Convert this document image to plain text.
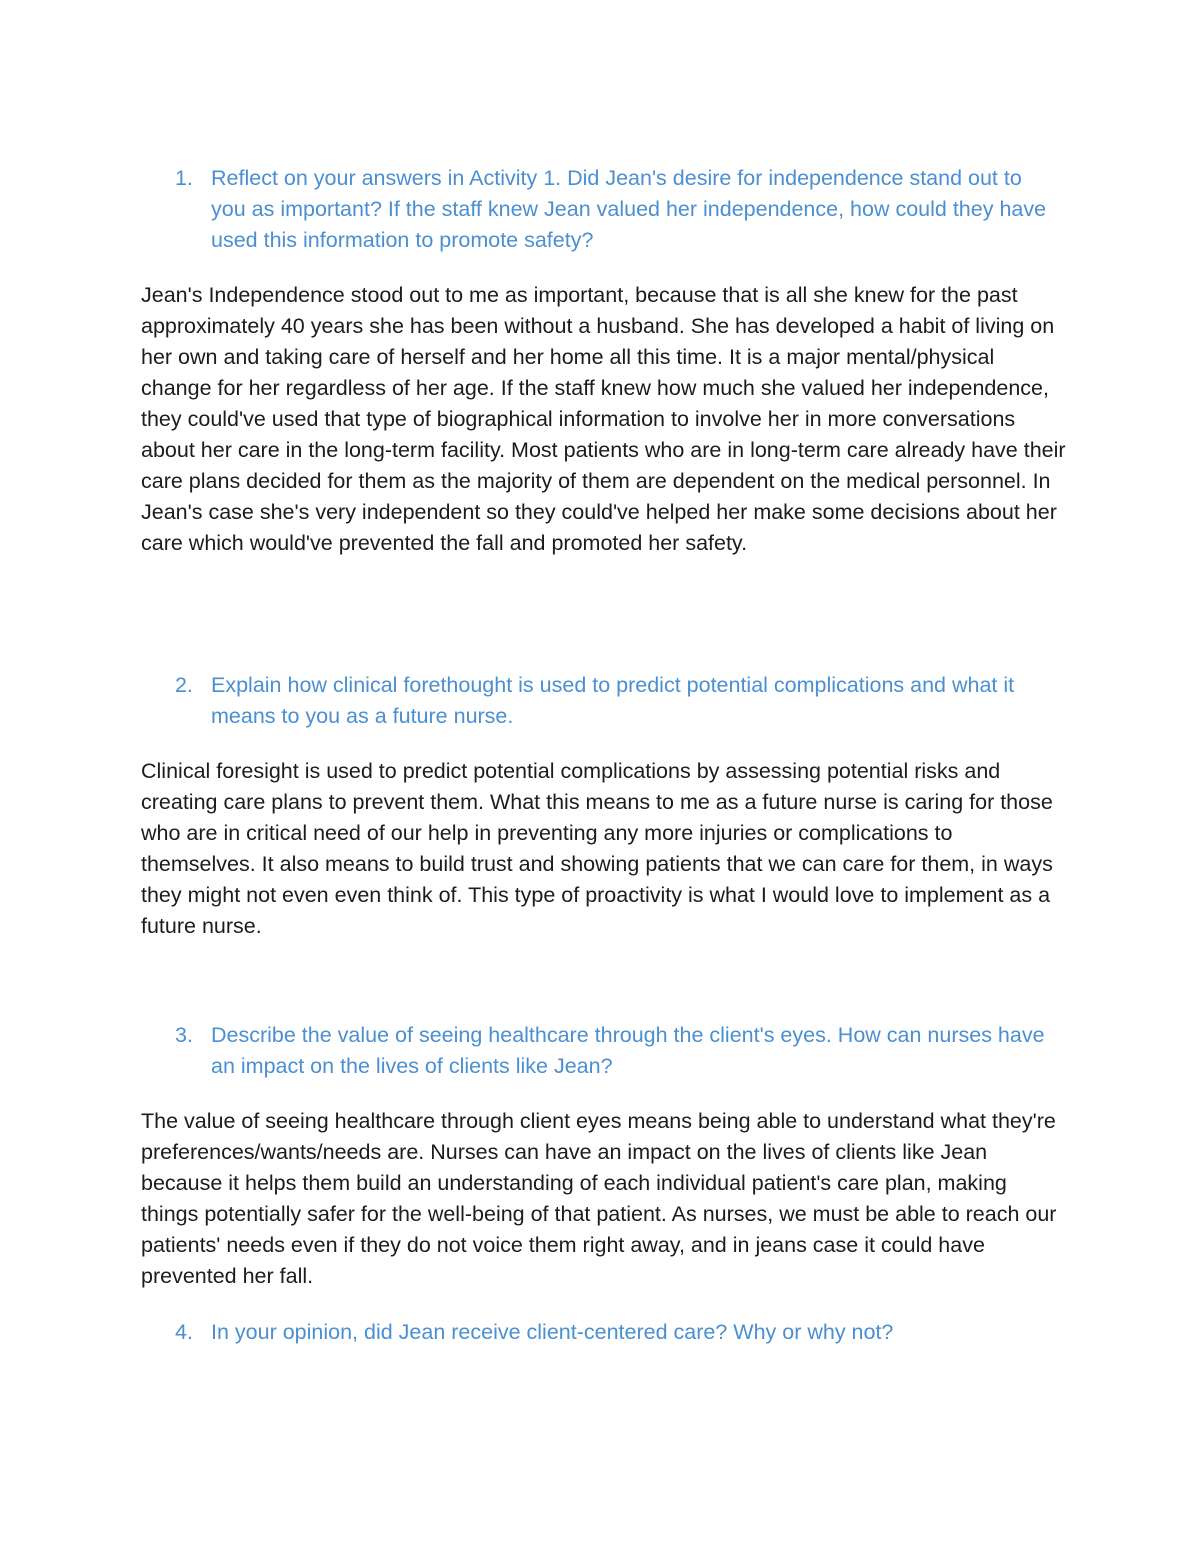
1. Reflect on your answers in Activity 1. Did Jean's desire for independence stand out to you as important? If the staff knew Jean valued her independence, how could they have used this information to promote safety?

Jean's Independence stood out to me as important, because that is all she knew for the past approximately 40 years she has been without a husband. She has developed a habit of living on her own and taking care of herself and her home all this time. It is a major mental/physical change for her regardless of her age. If the staff knew how much she valued her independence, they could've used that type of biographical information to involve her in more conversations about her care in the long-term facility. Most patients who are in long-term care already have their care plans decided for them as the majority of them are dependent on the medical personnel. In Jean's case she's very independent so they could've helped her make some decisions about her care which would've prevented the fall and promoted her safety.

2. Explain how clinical forethought is used to predict potential complications and what it means to you as a future nurse.

Clinical foresight is used to predict potential complications by assessing potential risks and creating care plans to prevent them. What this means to me as a future nurse is caring for those who are in critical need of our help in preventing any more injuries or complications to themselves. It also means to build trust and showing patients that we can care for them, in ways they might not even even think of. This type of proactivity is what I would love to implement as a future nurse.

3. Describe the value of seeing healthcare through the client's eyes. How can nurses have an impact on the lives of clients like Jean?

The value of seeing healthcare through client eyes means being able to understand what they're preferences/wants/needs are. Nurses can have an impact on the lives of clients like Jean because it helps them build an understanding of each individual patient's care plan, making things potentially safer for the well-being of that patient. As nurses, we must be able to reach our patients' needs even if they do not voice them right away, and in jeans case it could have prevented her fall.

4. In your opinion, did Jean receive client-centered care? Why or why not?
